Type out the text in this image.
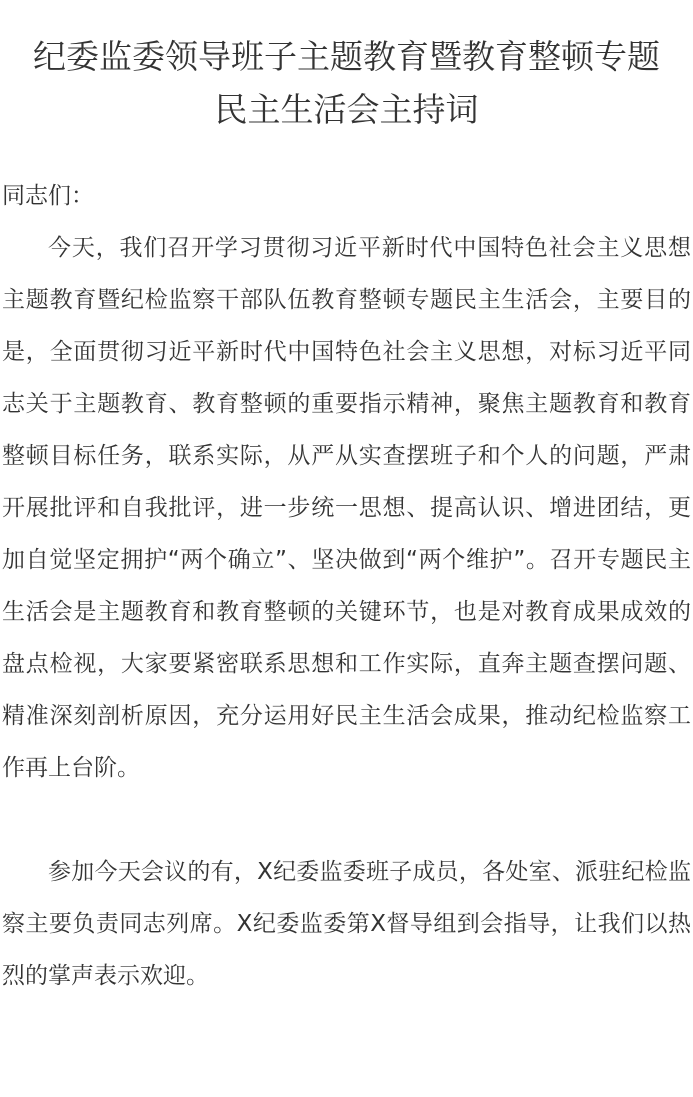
纪委监委领导班子主题教育暨教育整顿专题
民主生活会主持词

同志们：

今天，我们召开学习贯彻习近平新时代中国特色社会主义思想主题教育暨纪检监察干部队伍教育整顿专题民主生活会，主要目的是，全面贯彻习近平新时代中国特色社会主义思想，对标习近平同志关于主题教育、教育整顿的重要指示精神，聚焦主题教育和教育整顿目标任务，联系实际，从严从实查摆班子和个人的问题，严肃开展批评和自我批评，进一步统一思想、提高认识、增进团结，更加自觉坚定拥护“两个确立”、坚决做到“两个维护”。召开专题民主生活会是主题教育和教育整顿的关键环节，也是对教育成果成效的盘点检视，大家要紧密联系思想和工作实际，直奔主题查摆问题、精准深刻剖析原因，充分运用好民主生活会成果，推动纪检监察工作再上台阶。

参加今天会议的有，X纪委监委班子成员，各处室、派驻纪检监察主要负责同志列席。X纪委监委第X督导组到会指导，让我们以热烈的掌声表示欢迎。
